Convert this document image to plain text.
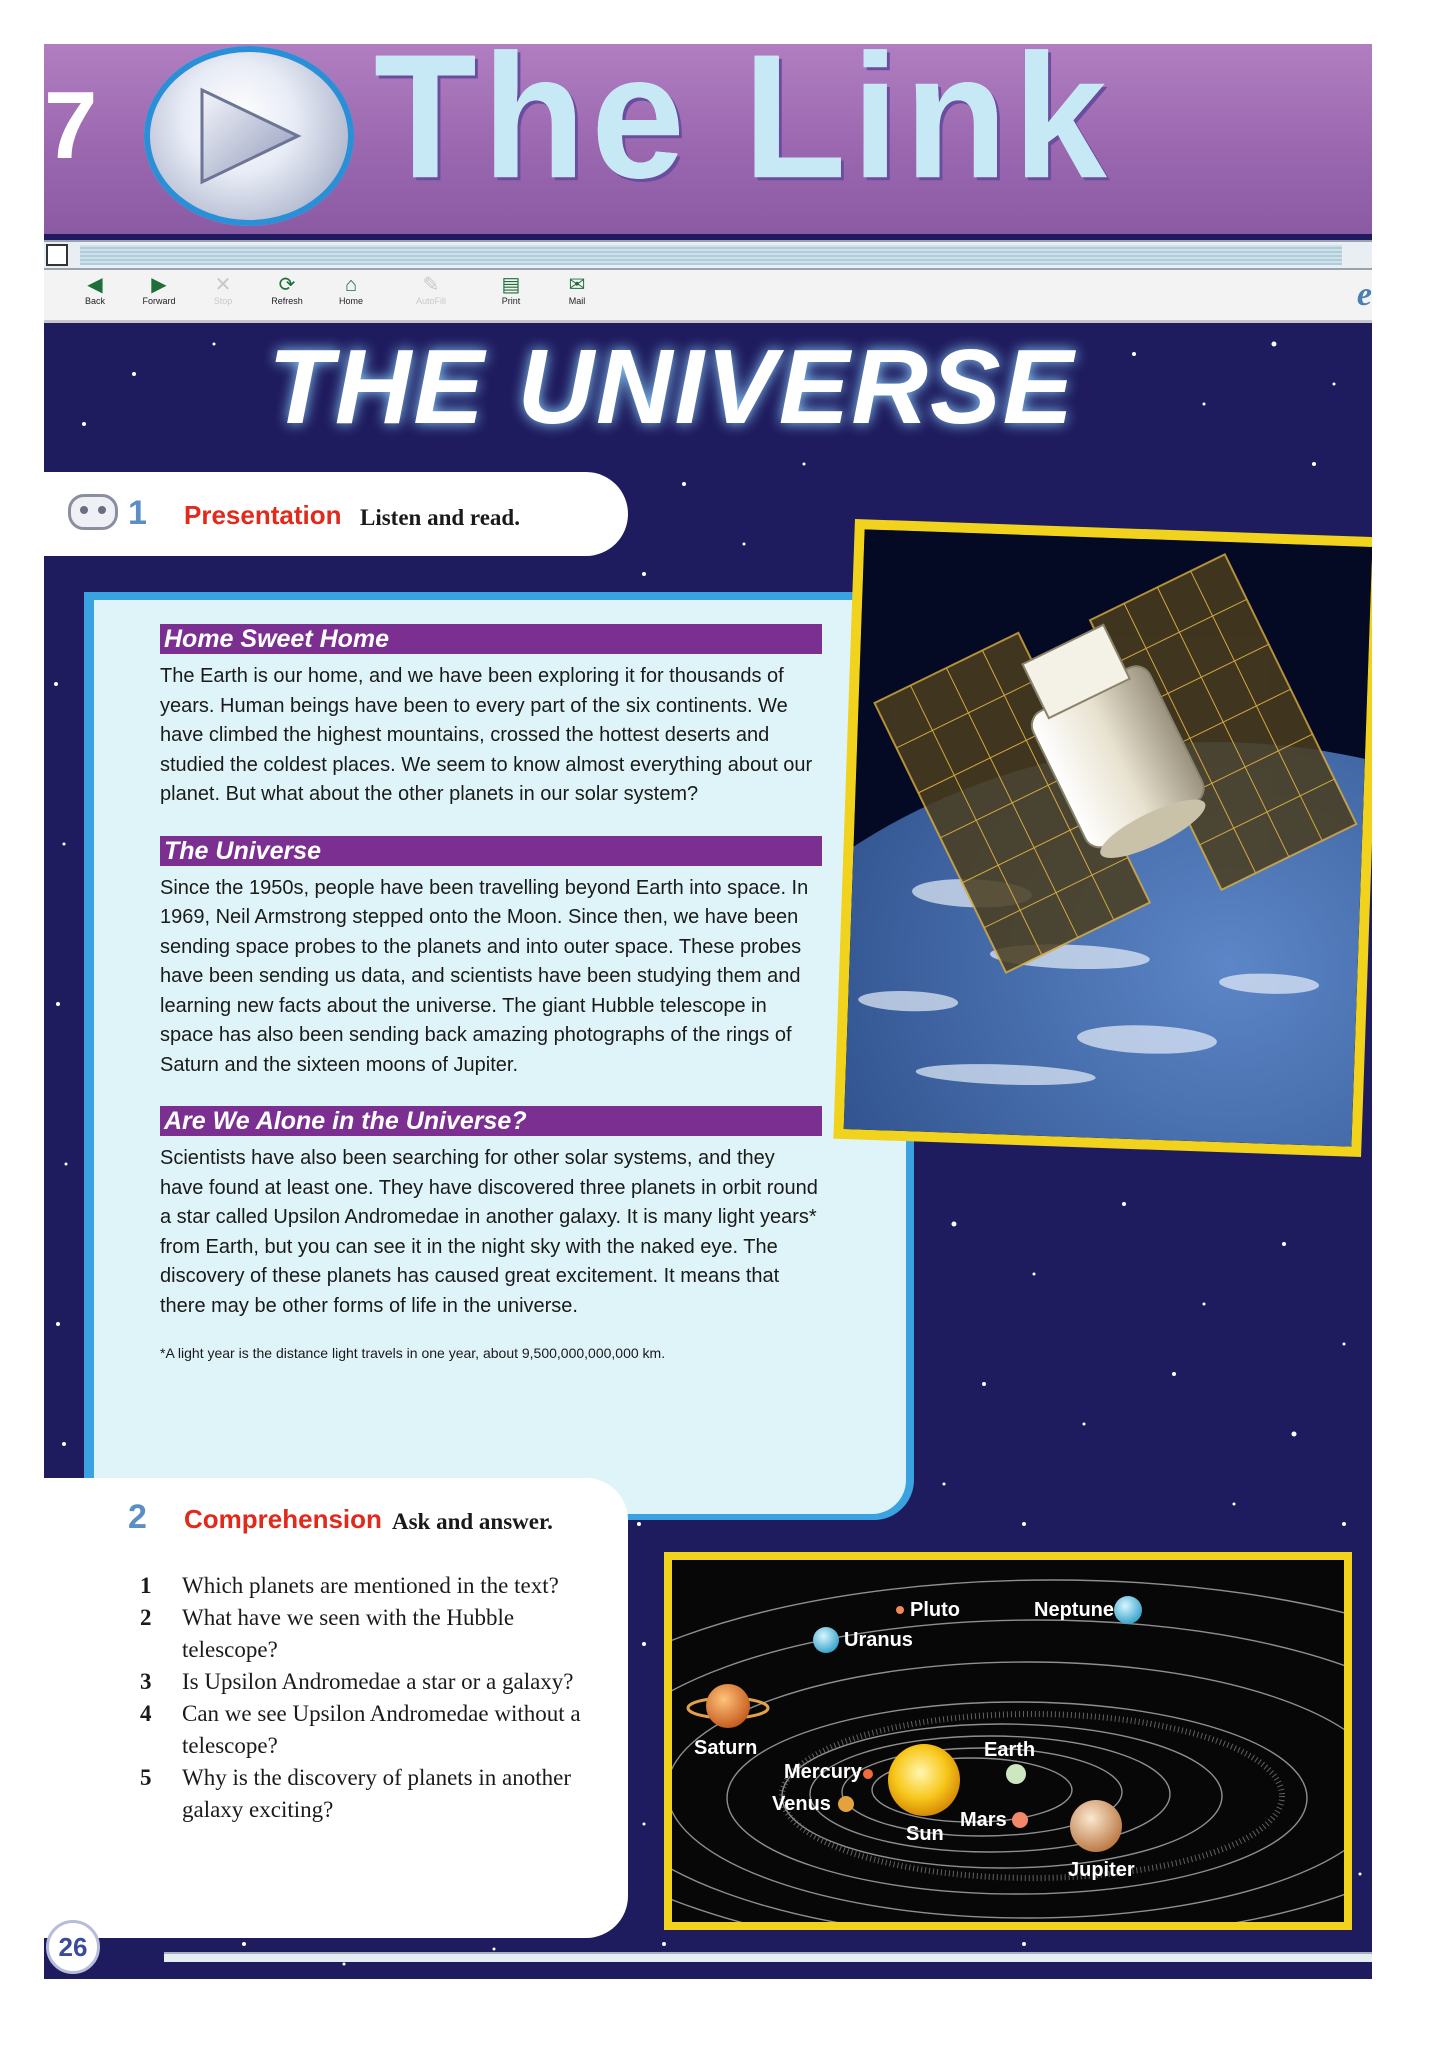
7 The Link
◀
Back
▶
Forward
✕
Stop
⟳
Refresh
⌂
Home
✎
AutoFill
▤
Print
✉
Mail	e
THE UNIVERSE
1 Presentation Listen and read.
Home Sweet Home
The Earth is our home, and we have been exploring it for thousands of years. Human beings have been to every part of the six continents. We have climbed the highest mountains, crossed the hottest deserts and studied the coldest places. We seem to know almost everything about our planet. But what about the other planets in our solar system?
The Universe
Since the 1950s, people have been travelling beyond Earth into space. In 1969, Neil Armstrong stepped onto the Moon. Since then, we have been sending space probes to the planets and into outer space. These probes have been sending us data, and scientists have been studying them and learning new facts about the universe. The giant Hubble telescope in space has also been sending back amazing photographs of the rings of Saturn and the sixteen moons of Jupiter.
Are We Alone in the Universe?
Scientists have also been searching for other solar systems, and they have found at least one. They have discovered three planets in orbit round a star called Upsilon Andromedae in another galaxy. It is many light years* from Earth, but you can see it in the night sky with the naked eye. The discovery of these planets has caused great excitement. It means that there may be other forms of life in the universe.
*A light year is the distance light travels in one year, about 9,500,000,000,000 km.
2 Comprehension Ask and answer.
1 Which planets are mentioned in the text?
2 What have we seen with the Hubble telescope?
3 Is Upsilon Andromedae a star or a galaxy?
4 Can we see Upsilon Andromedae without a telescope?
5 Why is the discovery of planets in another galaxy exciting?
Pluto	Neptune
Uranus
Saturn	Earth
Mercury
Venus
Sun
Mars
Jupiter
26
